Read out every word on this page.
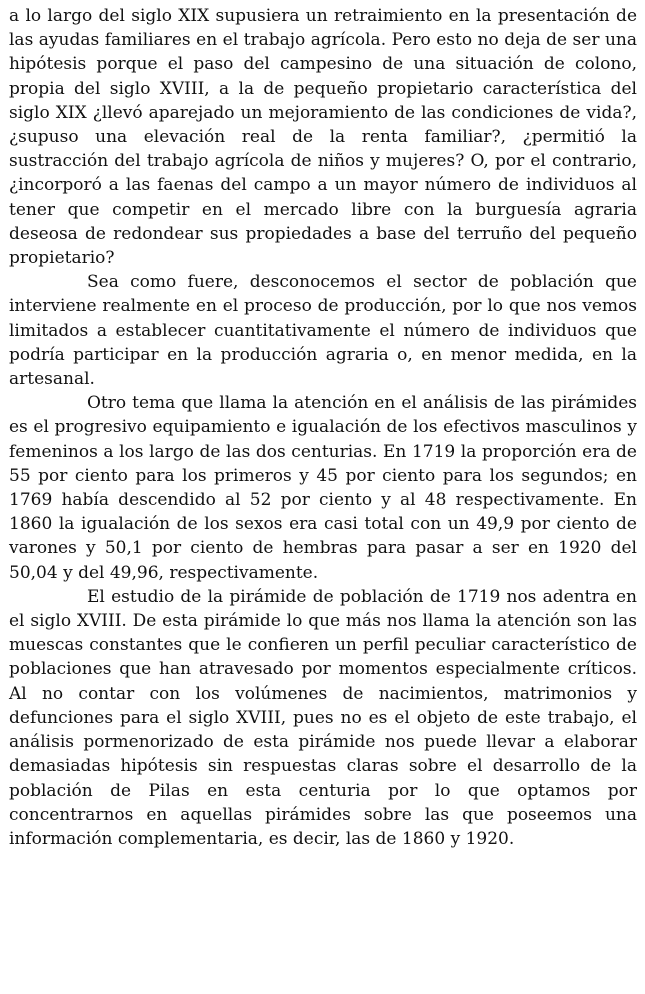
a lo largo del siglo XIX supusiera un retraimiento en la presentación de las ayudas familiares en el trabajo agrícola. Pero esto no deja de ser una hipótesis porque el paso del campesino de una situación de colono, propia del siglo XVIII, a la de pequeño propietario característica del siglo XIX ¿llevó aparejado un mejoramiento de las condiciones de vida?, ¿supuso una elevación real de la renta familiar?, ¿permitió la sustracción del trabajo agrícola de niños y mujeres? O, por el contrario, ¿incorporó a las faenas del campo a un mayor número de individuos al tener que competir en el mercado libre con la burguesía agraria deseosa de redondear sus propiedades a base del terruño del pequeño propietario?

Sea como fuere, desconocemos el sector de población que interviene realmente en el proceso de producción, por lo que nos vemos limitados a establecer cuantitativamente el número de individuos que podría participar en la producción agraria o, en menor medida, en la artesanal.

Otro tema que llama la atención en el análisis de las pirámides es el progresivo equipamiento e igualación de los efectivos masculinos y femeninos a los largo de las dos centurias. En 1719 la proporción era de 55 por ciento para los primeros y 45 por ciento para los segundos; en 1769 había descendido al 52 por ciento y al 48 respectivamente. En 1860 la igualación de los sexos era casi total con un 49,9 por ciento de varones y 50,1 por ciento de hembras para pasar a ser en 1920 del 50,04 y del 49,96, respectivamente.

El estudio de la pirámide de población de 1719 nos adentra en el siglo XVIII. De esta pirámide lo que más nos llama la atención son las muescas constantes que le confieren un perfil peculiar característico de poblaciones que han atravesado por momentos especialmente críticos. Al no contar con los volúmenes de nacimientos, matrimonios y defunciones para el siglo XVIII, pues no es el objeto de este trabajo, el análisis pormenorizado de esta pirámide nos puede llevar a elaborar demasiadas hipótesis sin respuestas claras sobre el desarrollo de la población de Pilas en esta centuria por lo que optamos por concentrarnos en aquellas pirámides sobre las que poseemos una información complementaria, es decir, las de 1860 y 1920.
